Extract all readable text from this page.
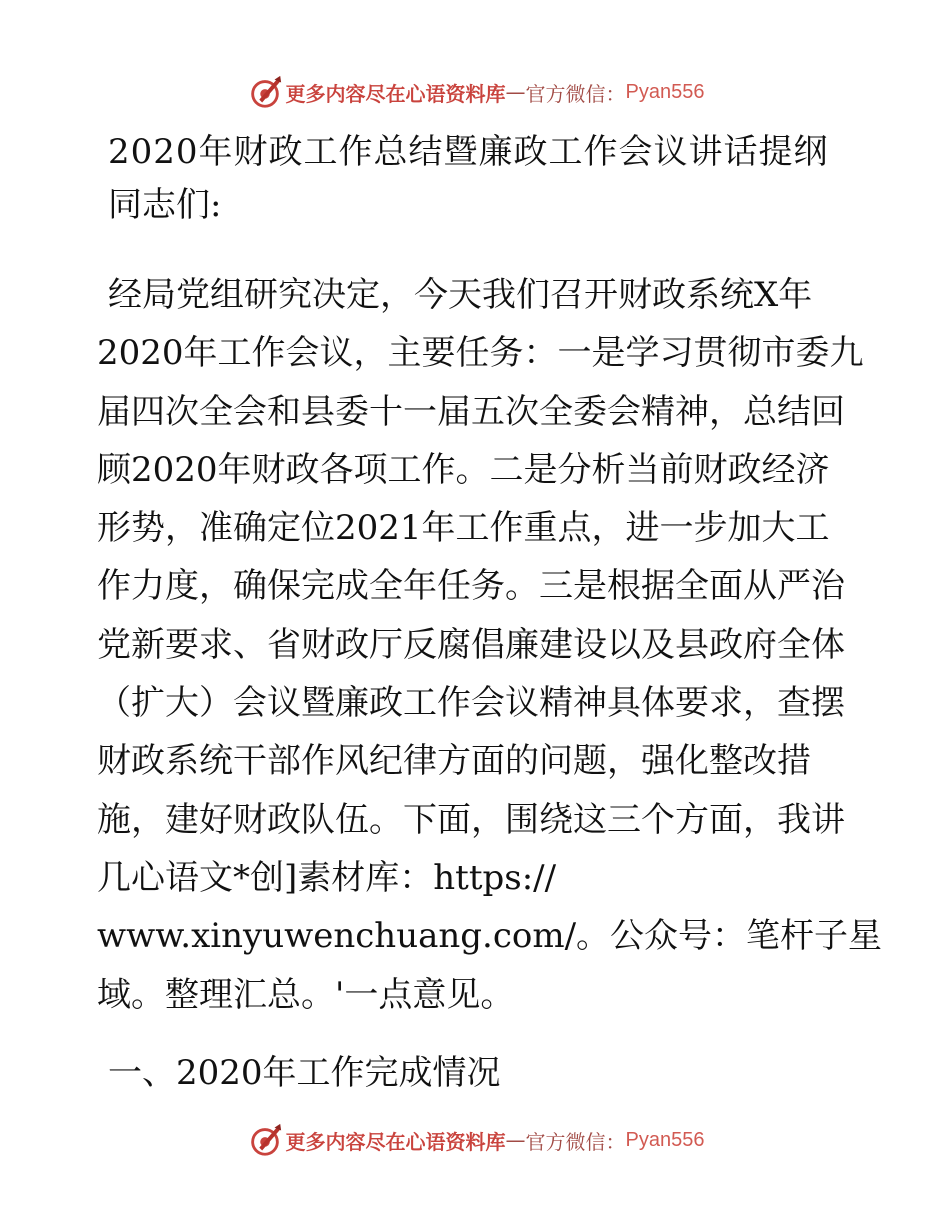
更多内容尽在心语资料库 — 官方微信： Pyan556
2020年财政工作总结暨廉政工作会议讲话提纲
同志们:
经局党组研究决定，今天我们召开财政系统X年
2020年工作会议，主要任务：一是学习贯彻市委九
届四次全会和县委十一届五次全委会精神，总结回
顾2020年财政各项工作。二是分析当前财政经济
形势，准确定位2021年工作重点，进一步加大工
作力度，确保完成全年任务。三是根据全面从严治
党新要求、省财政厅反腐倡廉建设以及县政府全体
（扩大）会议暨廉政工作会议精神具体要求，查摆
财政系统干部作风纪律方面的问题，强化整改措
施，建好财政队伍。下面，围绕这三个方面，我讲
几心语文*创]素材库：https://
www.xinyuwenchuang.com/。公众号：笔杆子星
域。整理汇总。'一点意见。
一、2020年工作完成情况
更多内容尽在心语资料库 — 官方微信： Pyan556
